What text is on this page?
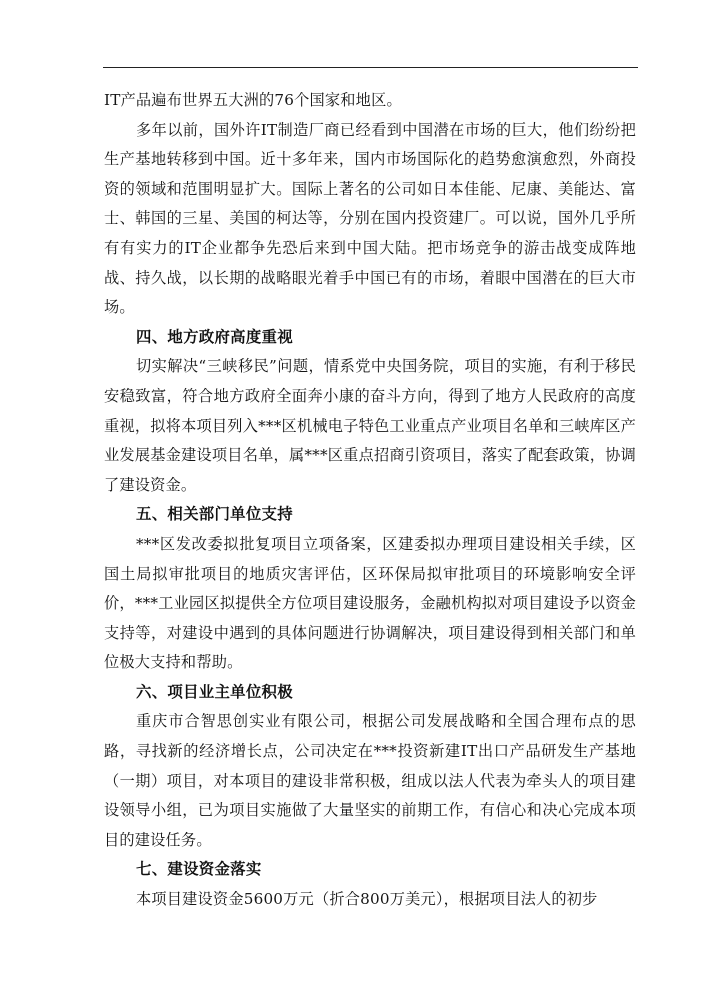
IT产品遍布世界五大洲的76个国家和地区。

多年以前，国外许IT制造厂商已经看到中国潜在市场的巨大，他们纷纷把生产基地转移到中国。近十多年来，国内市场国际化的趋势愈演愈烈，外商投资的领域和范围明显扩大。国际上著名的公司如日本佳能、尼康、美能达、富士、韩国的三星、美国的柯达等，分别在国内投资建厂。可以说，国外几乎所有有实力的IT企业都争先恐后来到中国大陆。把市场竞争的游击战变成阵地战、持久战，以长期的战略眼光着手中国已有的市场，着眼中国潜在的巨大市场。

四、地方政府高度重视

切实解决“三峡移民”问题，情系党中央国务院，项目的实施，有利于移民安稳致富，符合地方政府全面奔小康的奋斗方向，得到了地方人民政府的高度重视，拟将本项目列入***区机械电子特色工业重点产业项目名单和三峡库区产业发展基金建设项目名单，属***区重点招商引资项目，落实了配套政策，协调了建设资金。

五、相关部门单位支持

***区发改委拟批复项目立项备案，区建委拟办理项目建设相关手续，区国土局拟审批项目的地质灾害评估，区环保局拟审批项目的环境影响安全评价，***工业园区拟提供全方位项目建设服务，金融机构拟对项目建设予以资金支持等，对建设中遇到的具体问题进行协调解决，项目建设得到相关部门和单位极大支持和帮助。

六、项目业主单位积极

重庆市合智思创实业有限公司，根据公司发展战略和全国合理布点的思路，寻找新的经济增长点，公司决定在***投资新建IT出口产品研发生产基地（一期）项目，对本项目的建设非常积极，组成以法人代表为牵头人的项目建设领导小组，已为项目实施做了大量坚实的前期工作，有信心和决心完成本项目的建设任务。

七、建设资金落实

本项目建设资金5600万元（折合800万美元），根据项目法人的初步
